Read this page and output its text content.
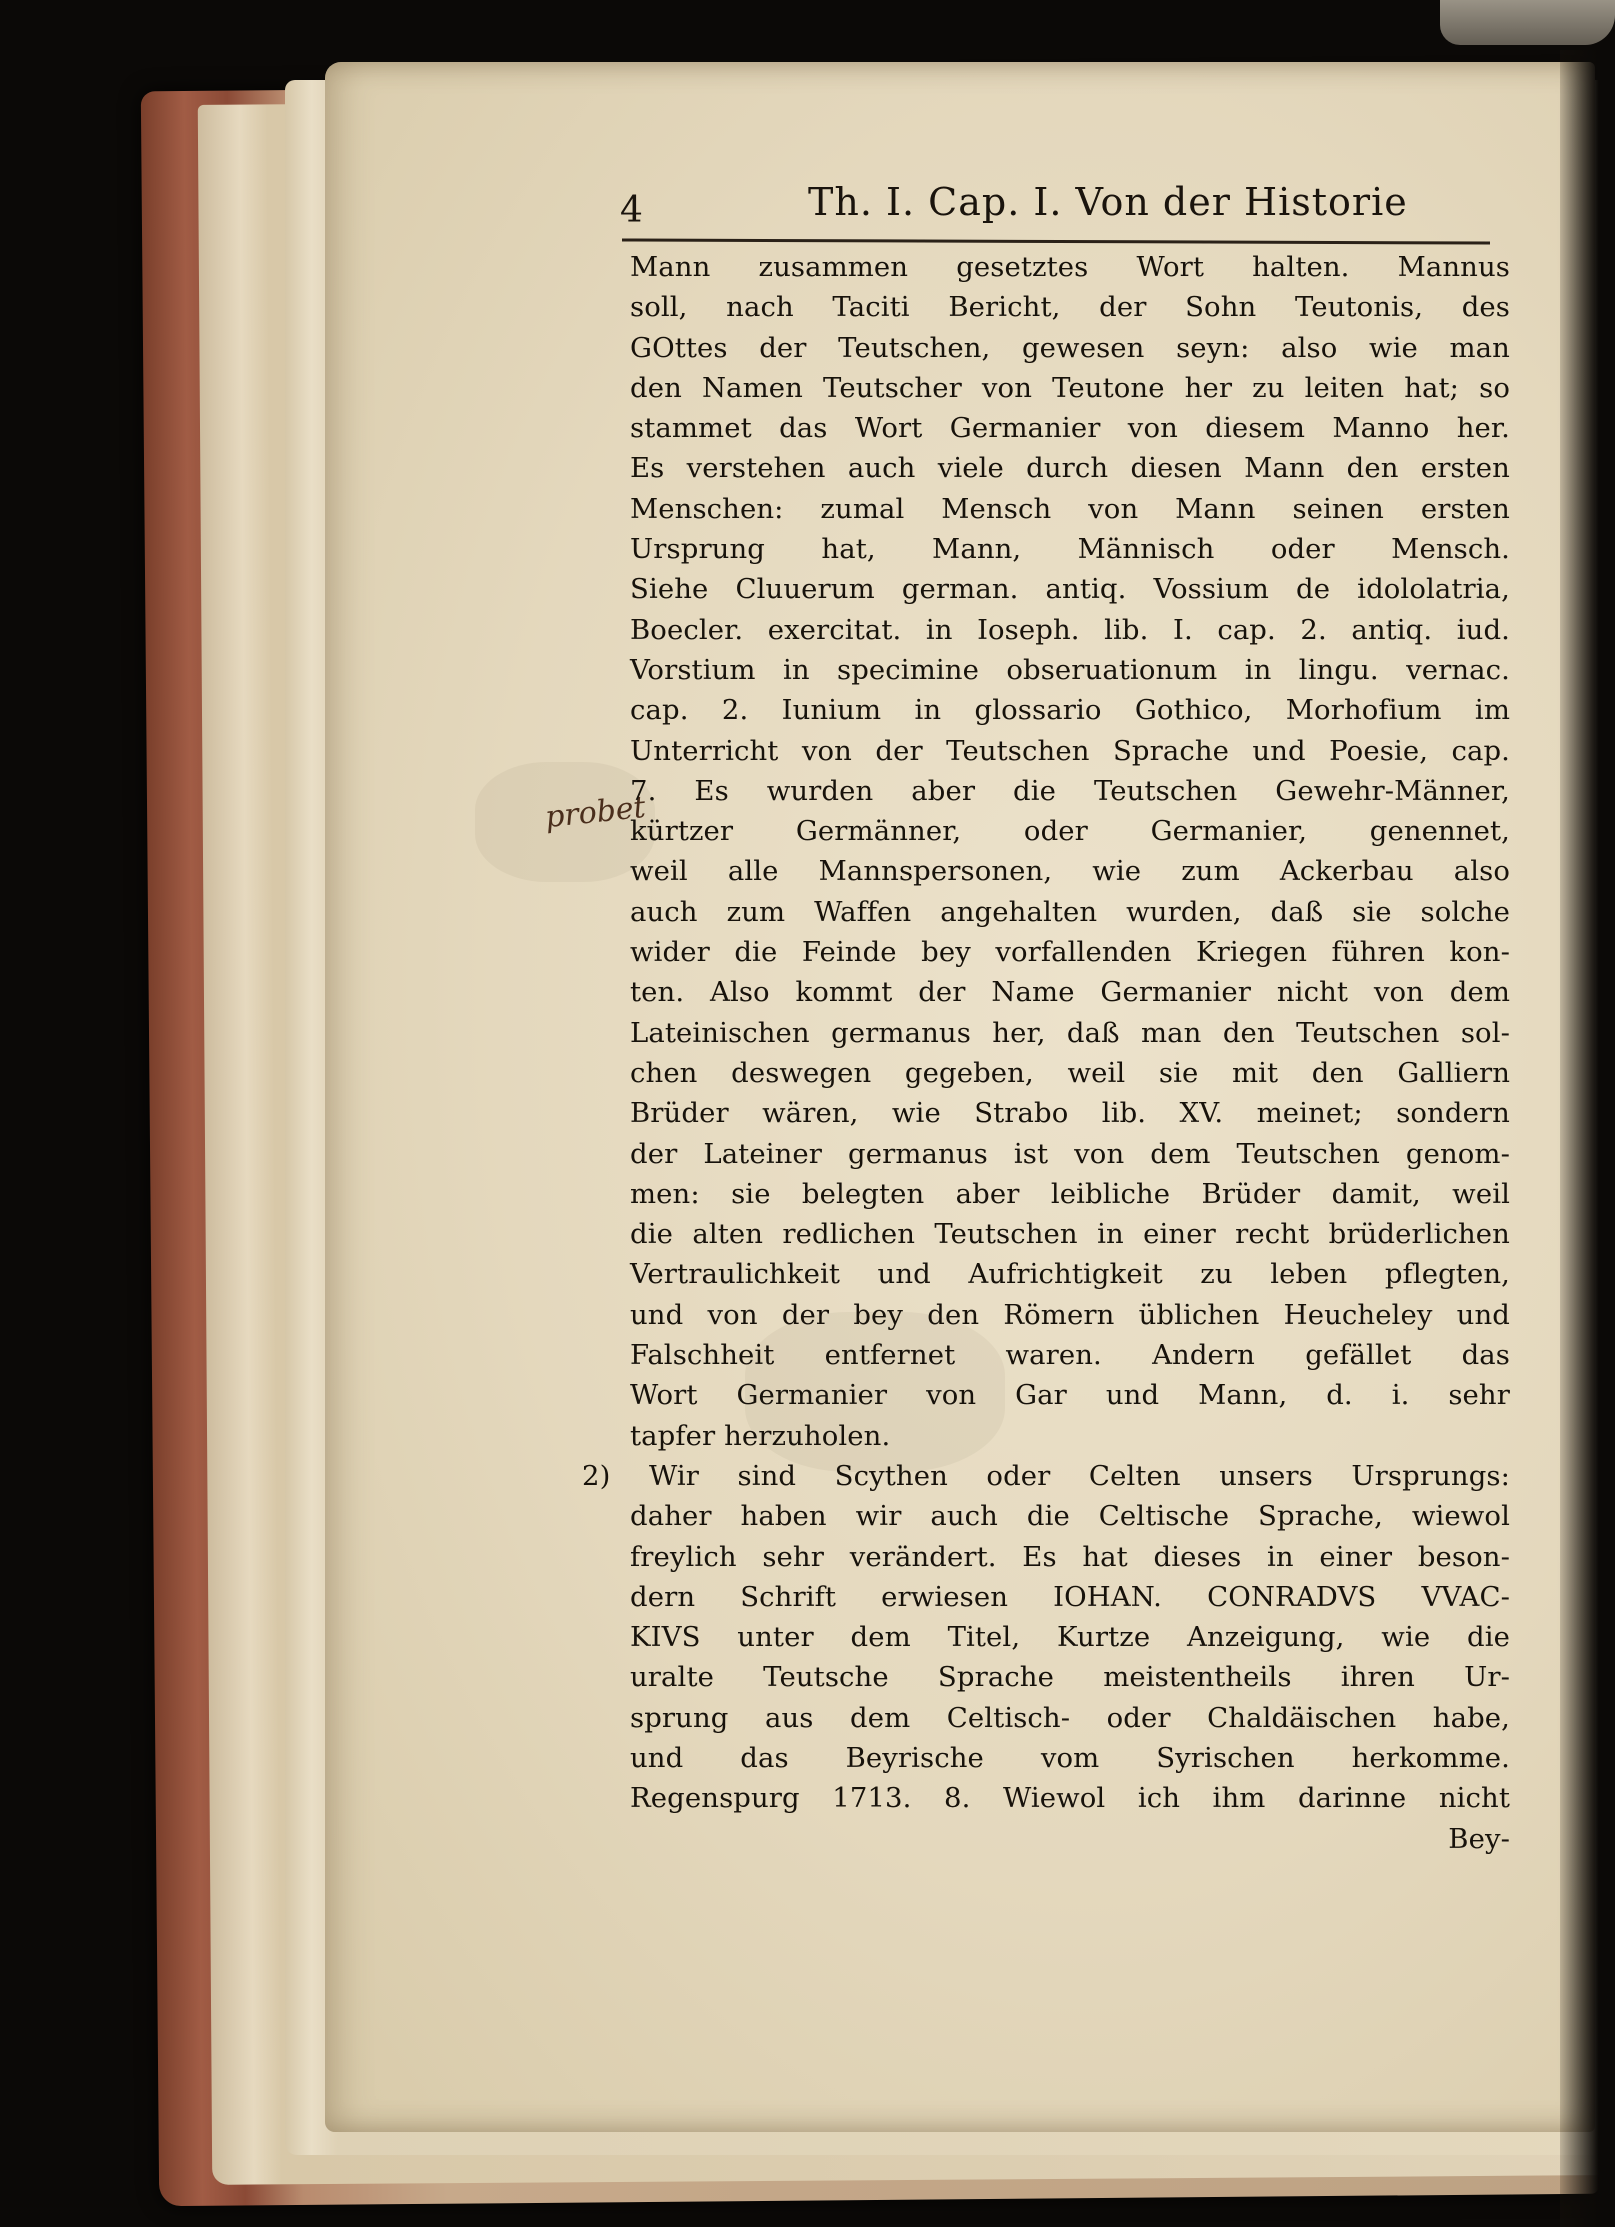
4	Th. I. Cap. I. Von der Historie
probet
Mann zusammen gesetztes Wort halten. Mannus
soll, nach Taciti Bericht, der Sohn Teutonis, des
GOttes der Teutschen, gewesen seyn: also wie man
den Namen Teutscher von Teutone her zu leiten hat; so
stammet das Wort Germanier von diesem Manno her.
Es verstehen auch viele durch diesen Mann den ersten
Menschen: zumal Mensch von Mann seinen ersten
Ursprung hat, Mann, Männisch oder Mensch.
Siehe Cluuerum german. antiq. Vossium de idololatria,
Boecler. exercitat. in Ioseph. lib. I. cap. 2. antiq. iud.
Vorstium in specimine obseruationum in lingu. vernac.
cap. 2. Iunium in glossario Gothico, Morhofium im
Unterricht von der Teutschen Sprache und Poesie, cap.
7. Es wurden aber die Teutschen Gewehr-Männer,
kürtzer Germänner, oder Germanier, genennet,
weil alle Mannspersonen, wie zum Ackerbau also
auch zum Waffen angehalten wurden, daß sie solche
wider die Feinde bey vorfallenden Kriegen führen kon-
ten. Also kommt der Name Germanier nicht von dem
Lateinischen germanus her, daß man den Teutschen sol-
chen deswegen gegeben, weil sie mit den Galliern
Brüder wären, wie Strabo lib. XV. meinet; sondern
der Lateiner germanus ist von dem Teutschen genom-
men: sie belegten aber leibliche Brüder damit, weil
die alten redlichen Teutschen in einer recht brüderlichen
Vertraulichkeit und Aufrichtigkeit zu leben pflegten,
und von der bey den Römern üblichen Heucheley und
Falschheit entfernet waren. Andern gefället das
Wort Germanier von Gar und Mann, d. i. sehr
tapfer herzuholen.
2) Wir sind Scythen oder Celten unsers Ursprungs:
daher haben wir auch die Celtische Sprache, wiewol
freylich sehr verändert. Es hat dieses in einer beson-
dern Schrift erwiesen IOHAN. CONRADVS VVAC-
KIVS unter dem Titel, Kurtze Anzeigung, wie die
uralte Teutsche Sprache meistentheils ihren Ur-
sprung aus dem Celtisch- oder Chaldäischen habe,
und das Beyrische vom Syrischen herkomme.
Regenspurg 1713. 8. Wiewol ich ihm darinne nicht
Bey-
